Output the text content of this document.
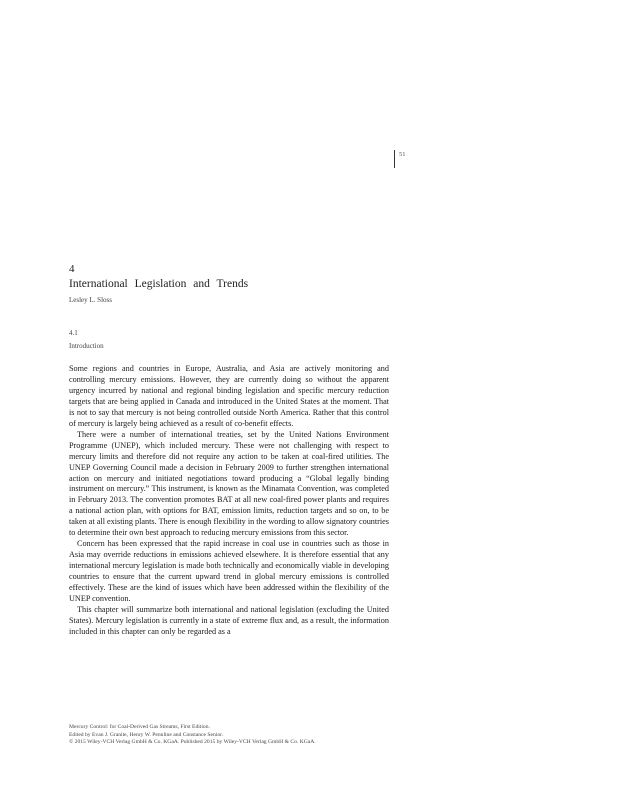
51
4
International Legislation and Trends
Lesley L. Sloss
4.1
Introduction

Some regions and countries in Europe, Australia, and Asia are actively monitoring and controlling mercury emissions. However, they are currently doing so without the apparent urgency incurred by national and regional binding legislation and specific mercury reduction targets that are being applied in Canada and introduced in the United States at the moment. That is not to say that mercury is not being controlled outside North America. Rather that this control of mercury is largely being achieved as a result of co-benefit effects.

There were a number of international treaties, set by the United Nations Environment Programme (UNEP), which included mercury. These were not challenging with respect to mercury limits and therefore did not require any action to be taken at coal-fired utilities. The UNEP Governing Council made a decision in February 2009 to further strengthen international action on mercury and initiated negotiations toward producing a “Global legally binding instrument on mercury.” This instrument, is known as the Minamata Convention, was completed in February 2013. The convention promotes BAT at all new coal-fired power plants and requires a national action plan, with options for BAT, emission limits, reduction targets and so on, to be taken at all existing plants. There is enough flexibility in the wording to allow signatory countries to determine their own best approach to reducing mercury emissions from this sector.

Concern has been expressed that the rapid increase in coal use in countries such as those in Asia may override reductions in emissions achieved elsewhere. It is therefore essential that any international mercury legislation is made both technically and economically viable in developing countries to ensure that the current upward trend in global mercury emissions is controlled effectively. These are the kind of issues which have been addressed within the flexibility of the UNEP convention.

This chapter will summarize both international and national legislation (excluding the United States). Mercury legislation is currently in a state of extreme flux and, as a result, the information included in this chapter can only be regarded as a

Mercury Control: for Coal-Derived Gas Streams, First Edition.
Edited by Evan J. Granite, Henry W. Pennline and Constance Senior.
© 2015 Wiley-VCH Verlag GmbH & Co. KGaA. Published 2015 by Wiley-VCH Verlag GmbH & Co. KGaA.
